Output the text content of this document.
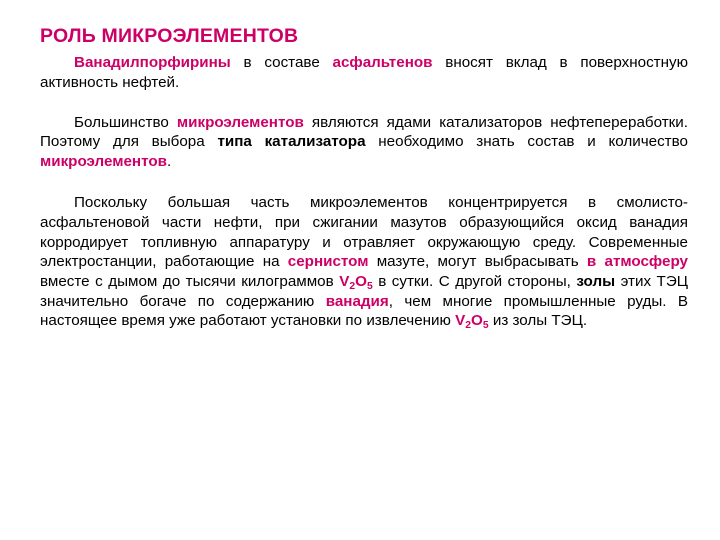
РОЛЬ МИКРОЭЛЕМЕНТОВ

Ванадилпорфирины в составе асфальтенов вносят вклад в поверхностную активность нефтей.

Большинство микроэлементов являются ядами катализаторов нефтепереработки. Поэтому для выбора типа катализатора необходимо знать состав и количество микроэлементов.

Поскольку большая часть микроэлементов концентрируется в смолисто-асфальтеновой части нефти, при сжигании мазутов образующийся оксид ванадия корродирует топливную аппаратуру и отравляет окружающую среду. Современные электростанции, работающие на сернистом мазуте, могут выбрасывать в атмосферу вместе с дымом до тысячи килограммов $V_2O_5$ в сутки. С другой стороны, золы этих ТЭЦ значительно богаче по содержанию ванадия, чем многие промышленные руды. В настоящее время уже работают установки по извлечению $V_2O_5$ из золы ТЭЦ.
